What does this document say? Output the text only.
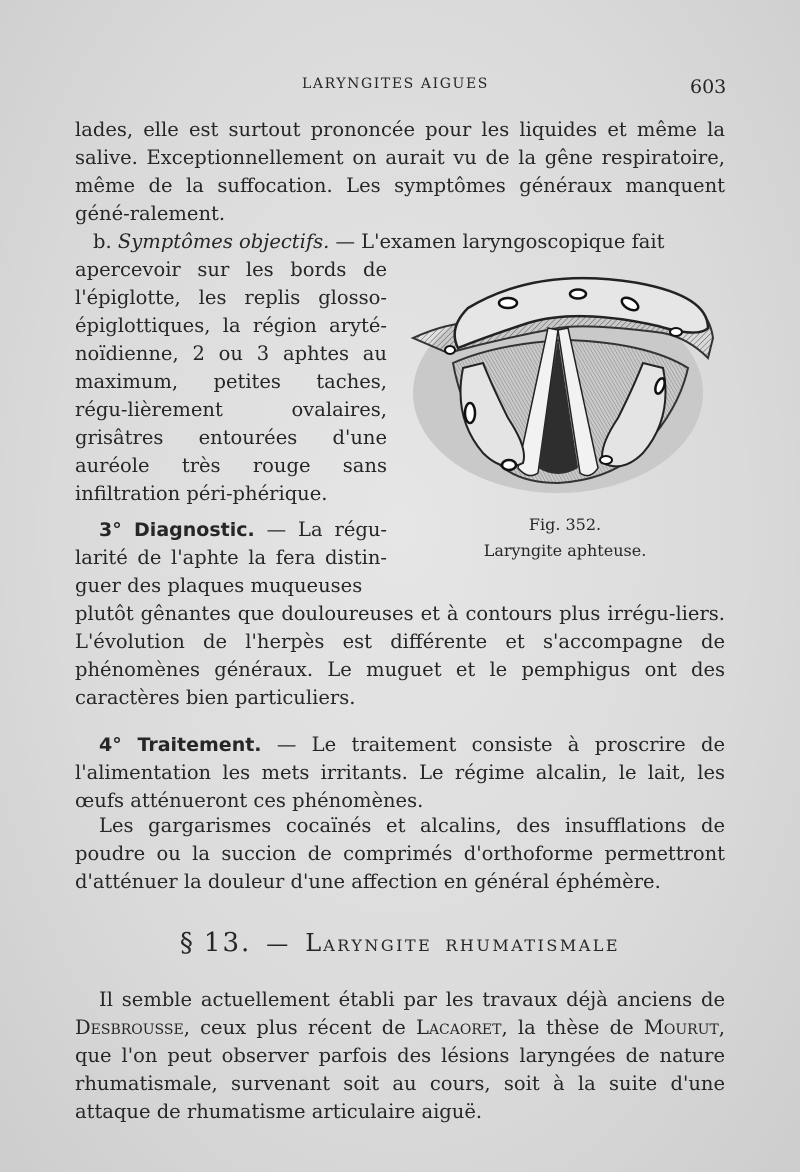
LARYNGITES AIGUES	603

lades, elle est surtout prononcée pour les liquides et même la salive. Exceptionnellement on aurait vu de la gêne respiratoire, même de la suffocation. Les symptômes généraux manquent géné-ralement.

b. Symptômes objectifs. — L'examen laryngoscopique fait

apercevoir sur les bords de l'épiglotte, les replis glosso-épiglottiques, la région aryté-noïdienne, 2 ou 3 aphtes au maximum, petites taches, régu-lièrement ovalaires, grisâtres entourées d'une auréole très rouge sans infiltration péri-phérique.

Fig. 352.

Laryngite aphteuse.

3° Diagnostic. — La régu-larité de l'aphte la fera distin-guer des plaques muqueuses

plutôt gênantes que douloureuses et à contours plus irrégu-liers. L'évolution de l'herpès est différente et s'accompagne de phénomènes généraux. Le muguet et le pemphigus ont des caractères bien particuliers.

4° Traitement. — Le traitement consiste à proscrire de l'alimentation les mets irritants. Le régime alcalin, le lait, les œufs atténueront ces phénomènes.

Les gargarismes cocaïnés et alcalins, des insufflations de poudre ou la succion de comprimés d'orthoforme permettront d'atténuer la douleur d'une affection en général éphémère.

§ 13. — LARYNGITE RHUMATISMALE

Il semble actuellement établi par les travaux déjà anciens de Desbrousse, ceux plus récent de Lacaoret, la thèse de Mourut, que l'on peut observer parfois des lésions laryngées de nature rhumatismale, survenant soit au cours, soit à la suite d'une attaque de rhumatisme articulaire aiguë.
